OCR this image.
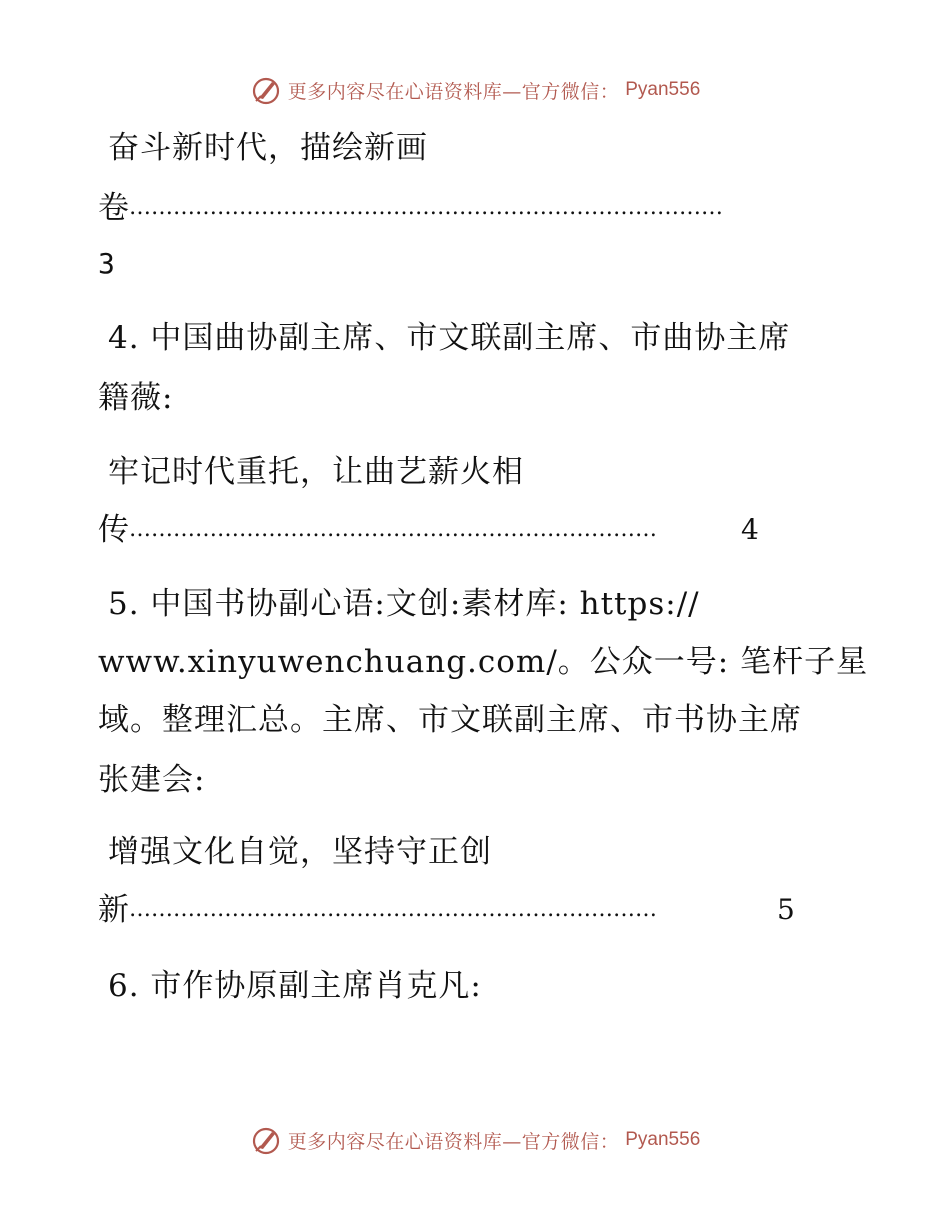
更多内容尽在心语资料库—官方微信： Pyan556
奋斗新时代，描绘新画
卷………………………………………………………………………
3
4. 中国曲协副主席、市文联副主席、市曲协主席
籍薇:
牢记时代重托，让曲艺薪火相
传………………………………………………………………	4
5. 中国书协副心语:文创:素材库: https://
www.xinyuwenchuang.com/。公众一号: 笔杆子星
域。整理汇总。主席、市文联副主席、市书协主席
张建会:
增强文化自觉，坚持守正创
新………………………………………………………………	5
6. 市作协原副主席肖克凡:
更多内容尽在心语资料库—官方微信： Pyan556
